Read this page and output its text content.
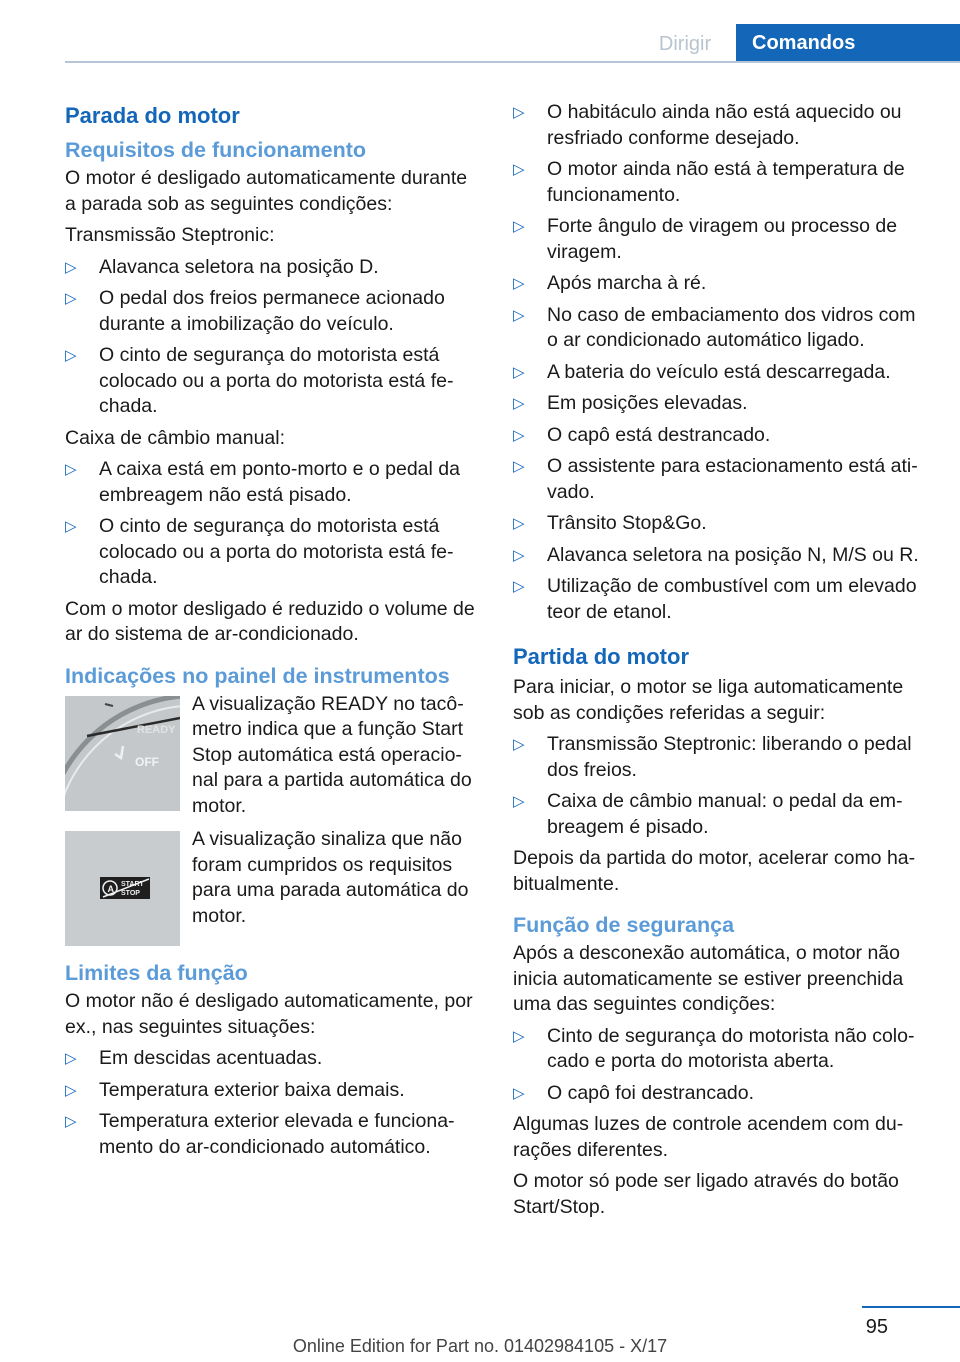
Dirigir	Comandos
Parada do motor
Requisitos de funcionamento

O motor é desligado automaticamente durante a parada sob as seguintes condições:

Transmissão Steptronic:

▷ Alavanca seletora na posição D.
▷ O pedal dos freios permanece acionado durante a imobilização do veículo.
▷ O cinto de segurança do motorista está colocado ou a porta do motorista está fe-chada.

Caixa de câmbio manual:

▷ A caixa está em ponto-morto e o pedal da embreagem não está pisado.
▷ O cinto de segurança do motorista está colocado ou a porta do motorista está fe-chada.

Com o motor desligado é reduzido o volume de ar do sistema de ar-condicionado.

Indicações no painel de instrumentos
READY
OFF
A visualização READY no tacô-metro indica que a função Start Stop automática está operacio-nal para a partida automática do motor.
A START
STOP
A visualização sinaliza que não foram cumpridos os requisitos para uma parada automática do motor.
Limites da função

O motor não é desligado automaticamente, por ex., nas seguintes situações:

▷ Em descidas acentuadas.
▷ Temperatura exterior baixa demais.
▷ Temperatura exterior elevada e funciona-mento do ar-condicionado automático.
▷ O habitáculo ainda não está aquecido ou resfriado conforme desejado.
▷ O motor ainda não está à temperatura de funcionamento.
▷ Forte ângulo de viragem ou processo de viragem.
▷ Após marcha à ré.
▷ No caso de embaciamento dos vidros com o ar condicionado automático ligado.
▷ A bateria do veículo está descarregada.
▷ Em posições elevadas.
▷ O capô está destrancado.
▷ O assistente para estacionamento está ati-vado.
▷ Trânsito Stop&Go.
▷ Alavanca seletora na posição N, M/S ou R.
▷ Utilização de combustível com um elevado teor de etanol.
Partida do motor

Para iniciar, o motor se liga automaticamente sob as condições referidas a seguir:

▷ Transmissão Steptronic: liberando o pedal dos freios.
▷ Caixa de câmbio manual: o pedal da em-breagem é pisado.

Depois da partida do motor, acelerar como ha-bitualmente.

Função de segurança

Após a desconexão automática, o motor não inicia automaticamente se estiver preenchida uma das seguintes condições:

▷ Cinto de segurança do motorista não colo-cado e porta do motorista aberta.
▷ O capô foi destrancado.

Algumas luzes de controle acendem com du-rações diferentes.

O motor só pode ser ligado através do botão Start/Stop.

95
Online Edition for Part no. 01402984105 - X/17
